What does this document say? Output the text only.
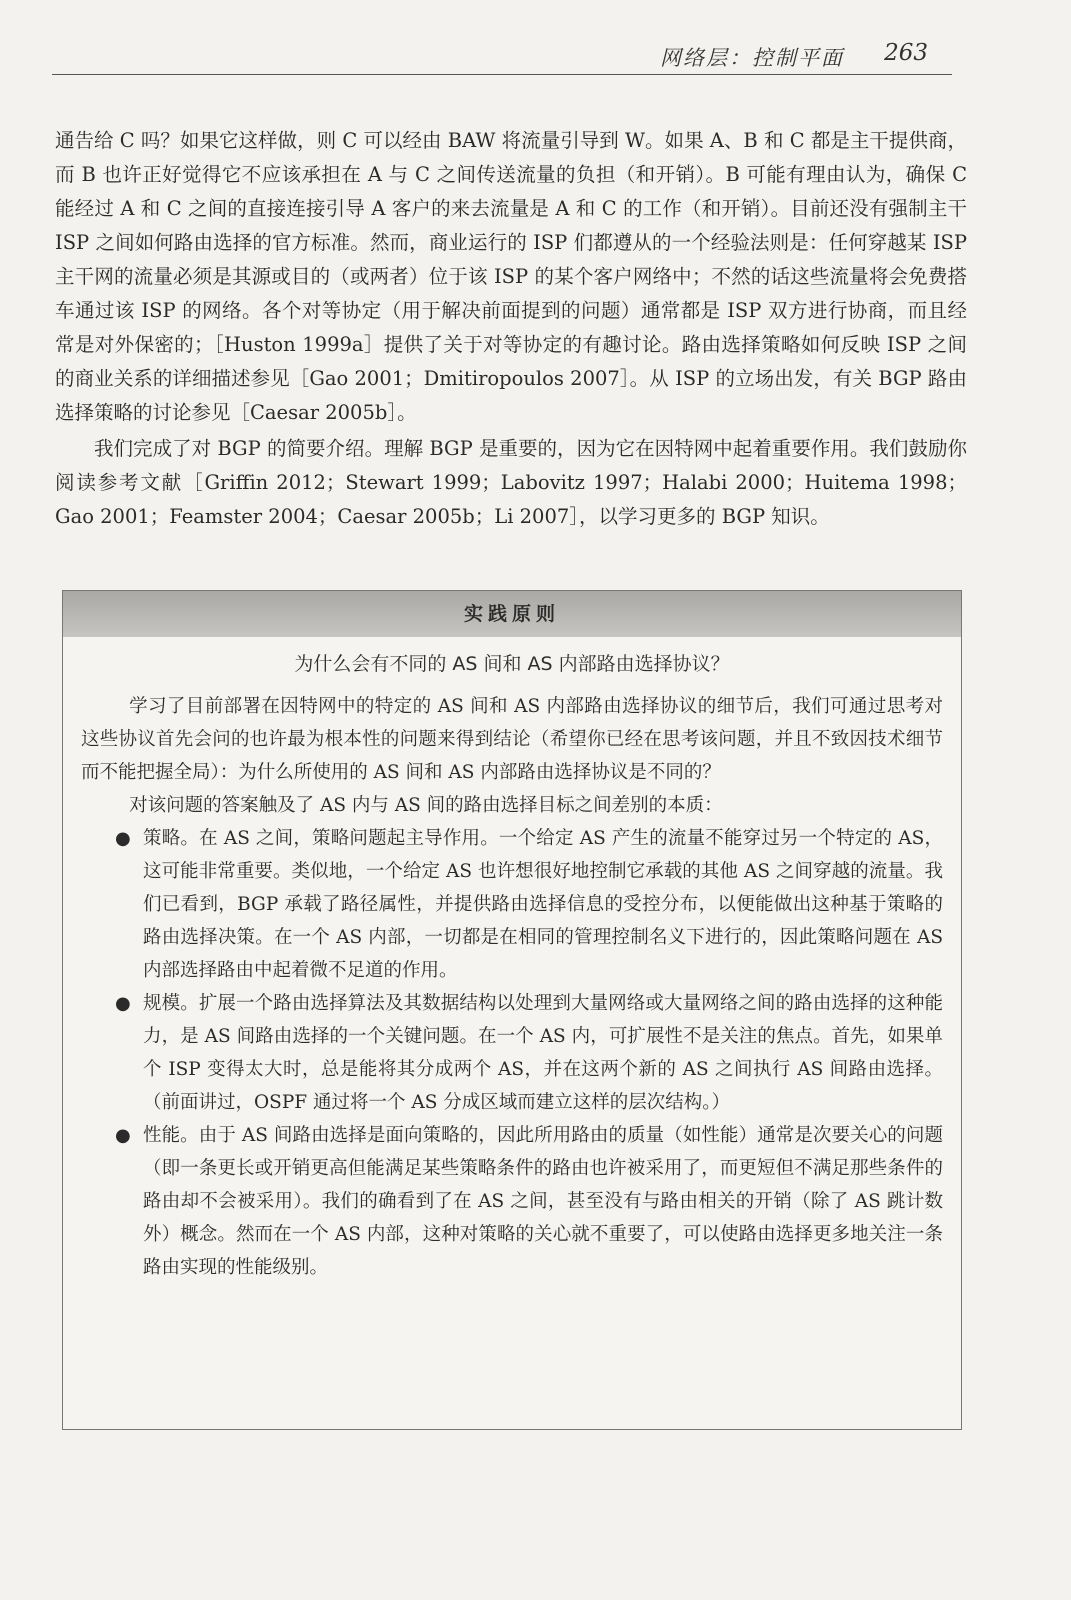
网络层：控制平面 263

通告给 C 吗？如果它这样做，则 C 可以经由 BAW 将流量引导到 W。如果 A、B 和 C 都是主干提供商，而 B 也许正好觉得它不应该承担在 A 与 C 之间传送流量的负担（和开销）。B 可能有理由认为，确保 C 能经过 A 和 C 之间的直接连接引导 A 客户的来去流量是 A 和 C 的工作（和开销）。目前还没有强制主干 ISP 之间如何路由选择的官方标准。然而，商业运行的 ISP 们都遵从的一个经验法则是：任何穿越某 ISP 主干网的流量必须是其源或目的（或两者）位于该 ISP 的某个客户网络中；不然的话这些流量将会免费搭车通过该 ISP 的网络。各个对等协定（用于解决前面提到的问题）通常都是 ISP 双方进行协商，而且经常是对外保密的；［Huston 1999a］提供了关于对等协定的有趣讨论。路由选择策略如何反映 ISP 之间的商业关系的详细描述参见［Gao 2001；Dmitiropoulos 2007］。从 ISP 的立场出发，有关 BGP 路由选择策略的讨论参见［Caesar 2005b］。

我们完成了对 BGP 的简要介绍。理解 BGP 是重要的，因为它在因特网中起着重要作用。我们鼓励你阅读参考文献［Griffin 2012；Stewart 1999；Labovitz 1997；Halabi 2000；Huitema 1998；Gao 2001；Feamster 2004；Caesar 2005b；Li 2007］，以学习更多的 BGP 知识。

实践原则
为什么会有不同的 AS 间和 AS 内部路由选择协议？

学习了目前部署在因特网中的特定的 AS 间和 AS 内部路由选择协议的细节后，我们可通过思考对这些协议首先会问的也许最为根本性的问题来得到结论（希望你已经在思考该问题，并且不致因技术细节而不能把握全局）：为什么所使用的 AS 间和 AS 内部路由选择协议是不同的？

对该问题的答案触及了 AS 内与 AS 间的路由选择目标之间差别的本质：

● 策略。在 AS 之间，策略问题起主导作用。一个给定 AS 产生的流量不能穿过另一个特定的 AS，这可能非常重要。类似地，一个给定 AS 也许想很好地控制它承载的其他 AS 之间穿越的流量。我们已看到，BGP 承载了路径属性，并提供路由选择信息的受控分布，以便能做出这种基于策略的路由选择决策。在一个 AS 内部，一切都是在相同的管理控制名义下进行的，因此策略问题在 AS 内部选择路由中起着微不足道的作用。
● 规模。扩展一个路由选择算法及其数据结构以处理到大量网络或大量网络之间的路由选择的这种能力，是 AS 间路由选择的一个关键问题。在一个 AS 内，可扩展性不是关注的焦点。首先，如果单个 ISP 变得太大时，总是能将其分成两个 AS，并在这两个新的 AS 之间执行 AS 间路由选择。（前面讲过，OSPF 通过将一个 AS 分成区域而建立这样的层次结构。）
● 性能。由于 AS 间路由选择是面向策略的，因此所用路由的质量（如性能）通常是次要关心的问题（即一条更长或开销更高但能满足某些策略条件的路由也许被采用了，而更短但不满足那些条件的路由却不会被采用）。我们的确看到了在 AS 之间，甚至没有与路由相关的开销（除了 AS 跳计数外）概念。然而在一个 AS 内部，这种对策略的关心就不重要了，可以使路由选择更多地关注一条路由实现的性能级别。
